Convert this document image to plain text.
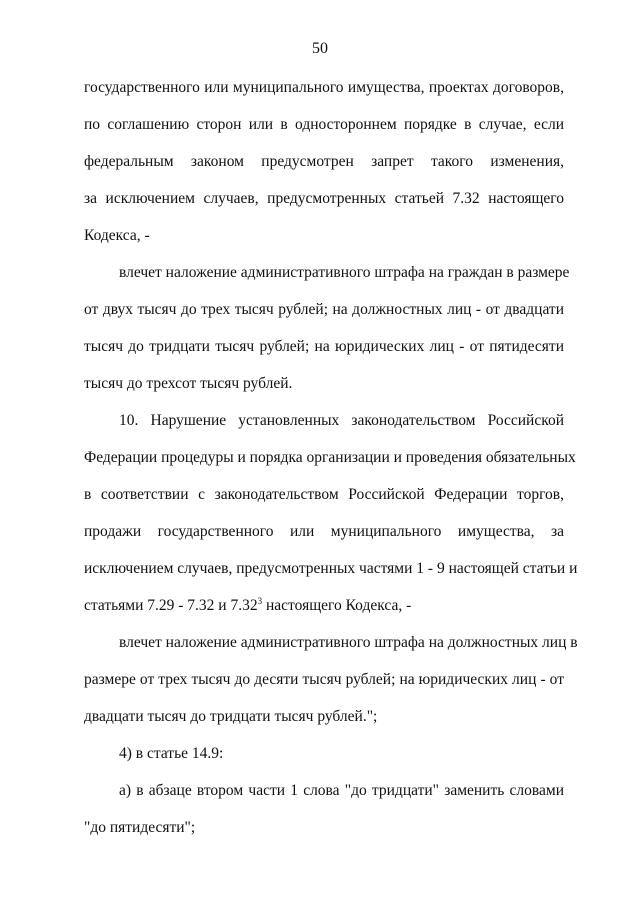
50
государственного или муниципального имущества, проектах договоров,
по соглашению сторон или в одностороннем порядке в случае, если
федеральным законом предусмотрен запрет такого изменения,
за исключением случаев, предусмотренных статьей 7.32 настоящего
Кодекса, -
влечет наложение административного штрафа на граждан в размере
от двух тысяч до трех тысяч рублей; на должностных лиц - от двадцати
тысяч до тридцати тысяч рублей; на юридических лиц - от пятидесяти
тысяч до трехсот тысяч рублей.
10. Нарушение установленных законодательством Российской
Федерации процедуры и порядка организации и проведения обязательных
в соответствии с законодательством Российской Федерации торгов,
продажи государственного или муниципального имущества, за
исключением случаев, предусмотренных частями 1 - 9 настоящей статьи и
статьями 7.29 - 7.32 и 7.32$^3$ настоящего Кодекса, -
влечет наложение административного штрафа на должностных лиц в
размере от трех тысяч до десяти тысяч рублей; на юридических лиц - от
двадцати тысяч до тридцати тысяч рублей.";
4) в статье 14.9:
а) в абзаце втором части 1 слова "до тридцати" заменить словами
"до пятидесяти";
